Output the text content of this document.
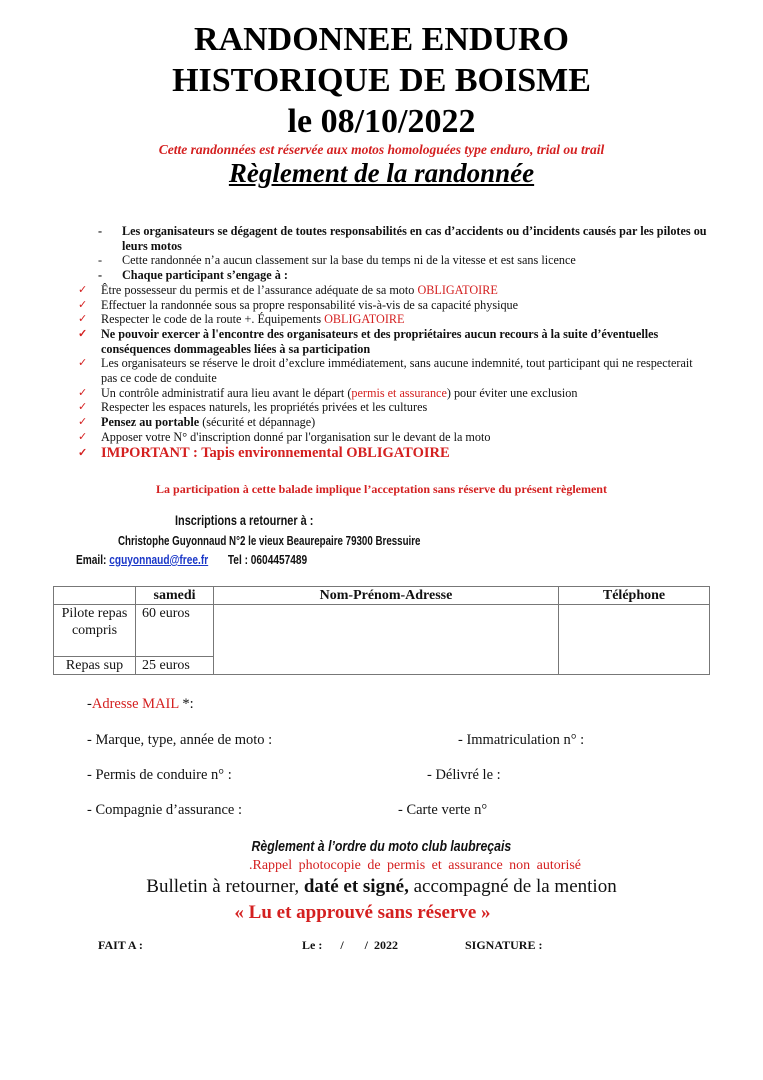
RANDONNEE ENDURO
HISTORIQUE DE BOISME
le 08/10/2022
Cette randonnées est réservée aux motos homologuées type enduro, trial ou trail
Règlement de la randonnée
- Les organisateurs se dégagent de toutes responsabilités en cas d’accidents ou d’incidents causés par les pilotes ou leurs motos
- Cette randonnée n’a aucun classement sur la base du temps ni de la vitesse et est sans licence
- Chaque participant s’engage à :
✓ Être possesseur du permis et de l’assurance adéquate de sa moto OBLIGATOIRE
✓ Effectuer la randonnée sous sa propre responsabilité vis-à-vis de sa capacité physique
✓ Respecter le code de la route +. Équipements OBLIGATOIRE
✓ Ne pouvoir exercer à l'encontre des organisateurs et des propriétaires aucun recours à la suite d’éventuelles conséquences dommageables liées à sa participation
✓ Les organisateurs se réserve le droit d’exclure immédiatement, sans aucune indemnité, tout participant qui ne respecterait pas ce code de conduite
✓ Un contrôle administratif aura lieu avant le départ (permis et assurance) pour éviter une exclusion
✓ Respecter les espaces naturels, les propriétés privées et les cultures
✓ Pensez au portable (sécurité et dépannage)
✓ Apposer votre N° d'inscription donné par l'organisation sur le devant de la moto
✓ IMPORTANT : Tapis environnemental OBLIGATOIRE
La participation à cette balade implique l’acceptation sans réserve du présent règlement
Inscriptions a retourner à :
Christophe Guyonnaud N°2 le vieux Beaurepaire 79300 Bressuire
Email: cguyonnaud@free.fr Tel : 0604457489
	samedi	Nom-Prénom-Adresse	Téléphone
Pilote repas compris	60 euros		
Repas sup	25 euros		
-Adresse MAIL *:
- Marque, type, année de moto :	- Immatriculation n° :
- Permis de conduire n° :	- Délivré le :
- Compagnie d’assurance :	- Carte verte n°
Règlement à l’ordre du moto club laubreçais
.Rappel photocopie de permis et assurance non autorisé
Bulletin à retourner, daté et signé, accompagné de la mention
« Lu et approuvé sans réserve »
FAIT A :	Le :      /       /  2022	SIGNATURE :
